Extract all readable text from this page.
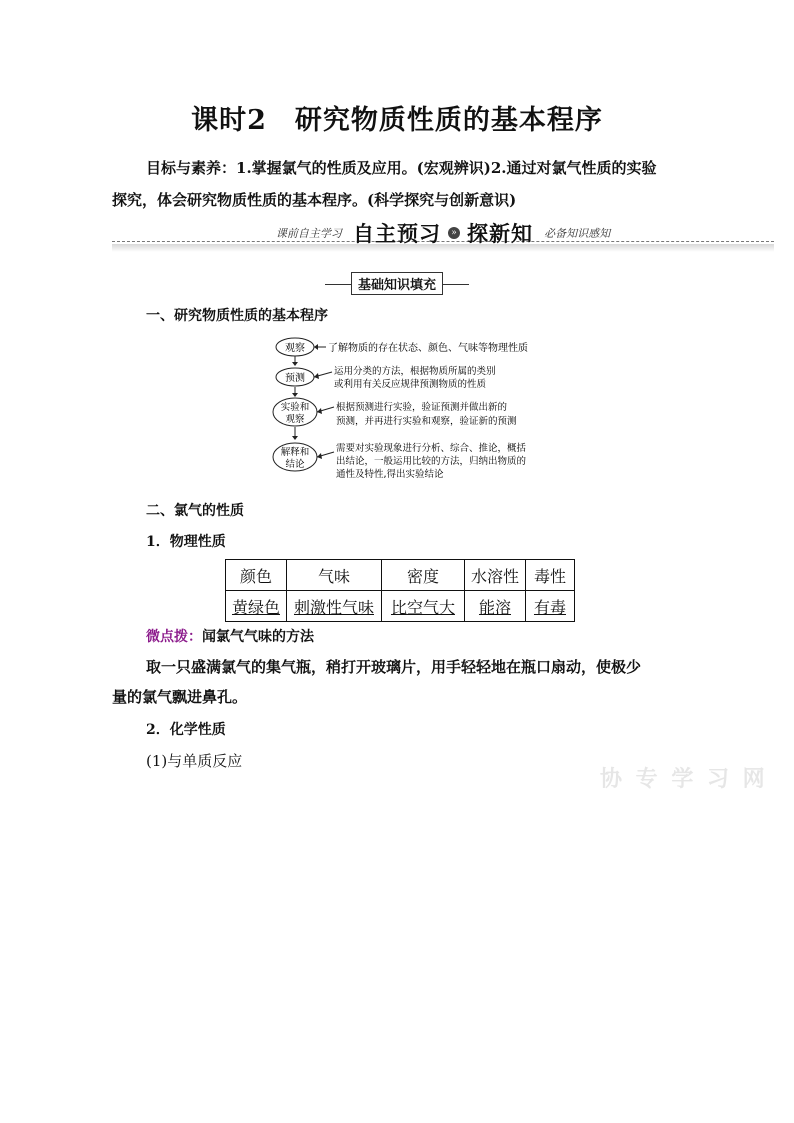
课时2　研究物质性质的基本程序
目标与素养：1.掌握氯气的性质及应用。(宏观辨识)2.通过对氯气性质的实验
探究，体会研究物质性质的基本程序。(科学探究与创新意识)
课前自主学习 自主预习 » 探新知 必备知识感知
基础知识填充
一、研究物质性质的基本程序
观察 了解物质的存在状态、颜色、气味等物理性质
预测
运用分类的方法，根据物质所属的类别
或利用有关反应规律预测物质的性质
实验和
观察
根据预测进行实验，验证预测并做出新的
预测，并再进行实验和观察，验证新的预测
解释和
结论
需要对实验现象进行分析、综合、推论，概括
出结论，一般运用比较的方法，归纳出物质的
通性及特性,得出实验结论
二、氯气的性质
1．物理性质
颜色	气味	密度	水溶性	毒性
黄绿色	刺激性气味	比空气大	能溶	有毒
微点拨：闻氯气气味的方法
取一只盛满氯气的集气瓶，稍打开玻璃片，用手轻轻地在瓶口扇动，使极少
量的氯气飘进鼻孔。
2．化学性质
(1)与单质反应
协 专 学 习 网
